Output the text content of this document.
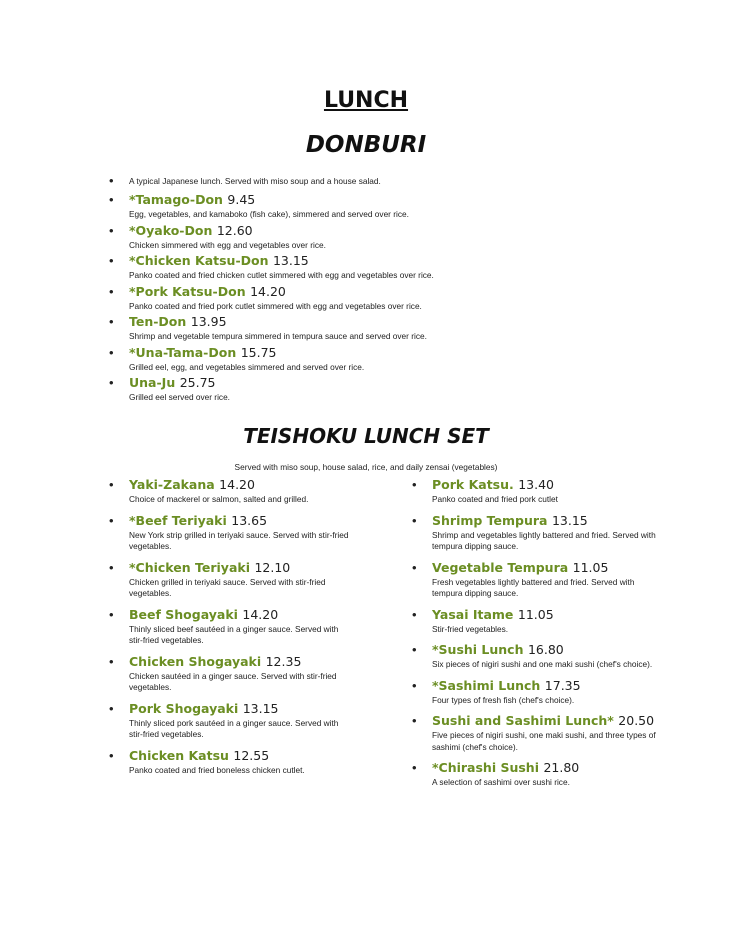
LUNCH
DONBURI
• A typical Japanese lunch. Served with miso soup and a house salad.
• *Tamago-Don 9.45
Egg, vegetables, and kamaboko (fish cake), simmered and served over rice.
• *Oyako-Don 12.60
Chicken simmered with egg and vegetables over rice.
• *Chicken Katsu-Don 13.15
Panko coated and fried chicken cutlet simmered with egg and vegetables over rice.
• *Pork Katsu-Don 14.20
Panko coated and fried pork cutlet simmered with egg and vegetables over rice.
• Ten-Don 13.95
Shrimp and vegetable tempura simmered in tempura sauce and served over rice.
• *Una-Tama-Don 15.75
Grilled eel, egg, and vegetables simmered and served over rice.
• Una-Ju 25.75
Grilled eel served over rice.
TEISHOKU LUNCH SET

Served with miso soup, house salad, rice, and daily zensai (vegetables)

• Yaki-Zakana 14.20
Choice of mackerel or salmon, salted and grilled.
• *Beef Teriyaki 13.65
New York strip grilled in teriyaki sauce. Served with stir-fried vegetables.
• *Chicken Teriyaki 12.10
Chicken grilled in teriyaki sauce. Served with stir-fried vegetables.
• Beef Shogayaki 14.20
Thinly sliced beef sautéed in a ginger sauce. Served with stir-fried vegetables.
• Chicken Shogayaki 12.35
Chicken sautéed in a ginger sauce. Served with stir-fried vegetables.
• Pork Shogayaki 13.15
Thinly sliced pork sautéed in a ginger sauce. Served with stir-fried vegetables.
• Chicken Katsu 12.55
Panko coated and fried boneless chicken cutlet.
• Pork Katsu. 13.40
Panko coated and fried pork cutlet
• Shrimp Tempura 13.15
Shrimp and vegetables lightly battered and fried. Served with tempura dipping sauce.
• Vegetable Tempura 11.05
Fresh vegetables lightly battered and fried. Served with tempura dipping sauce.
• Yasai Itame 11.05
Stir-fried vegetables.
• *Sushi Lunch 16.80
Six pieces of nigiri sushi and one maki sushi (chef's choice).
• *Sashimi Lunch 17.35
Four types of fresh fish (chef's choice).
• Sushi and Sashimi Lunch* 20.50
Five pieces of nigiri sushi, one maki sushi, and three types of sashimi (chef's choice).
• *Chirashi Sushi 21.80
A selection of sashimi over sushi rice.
